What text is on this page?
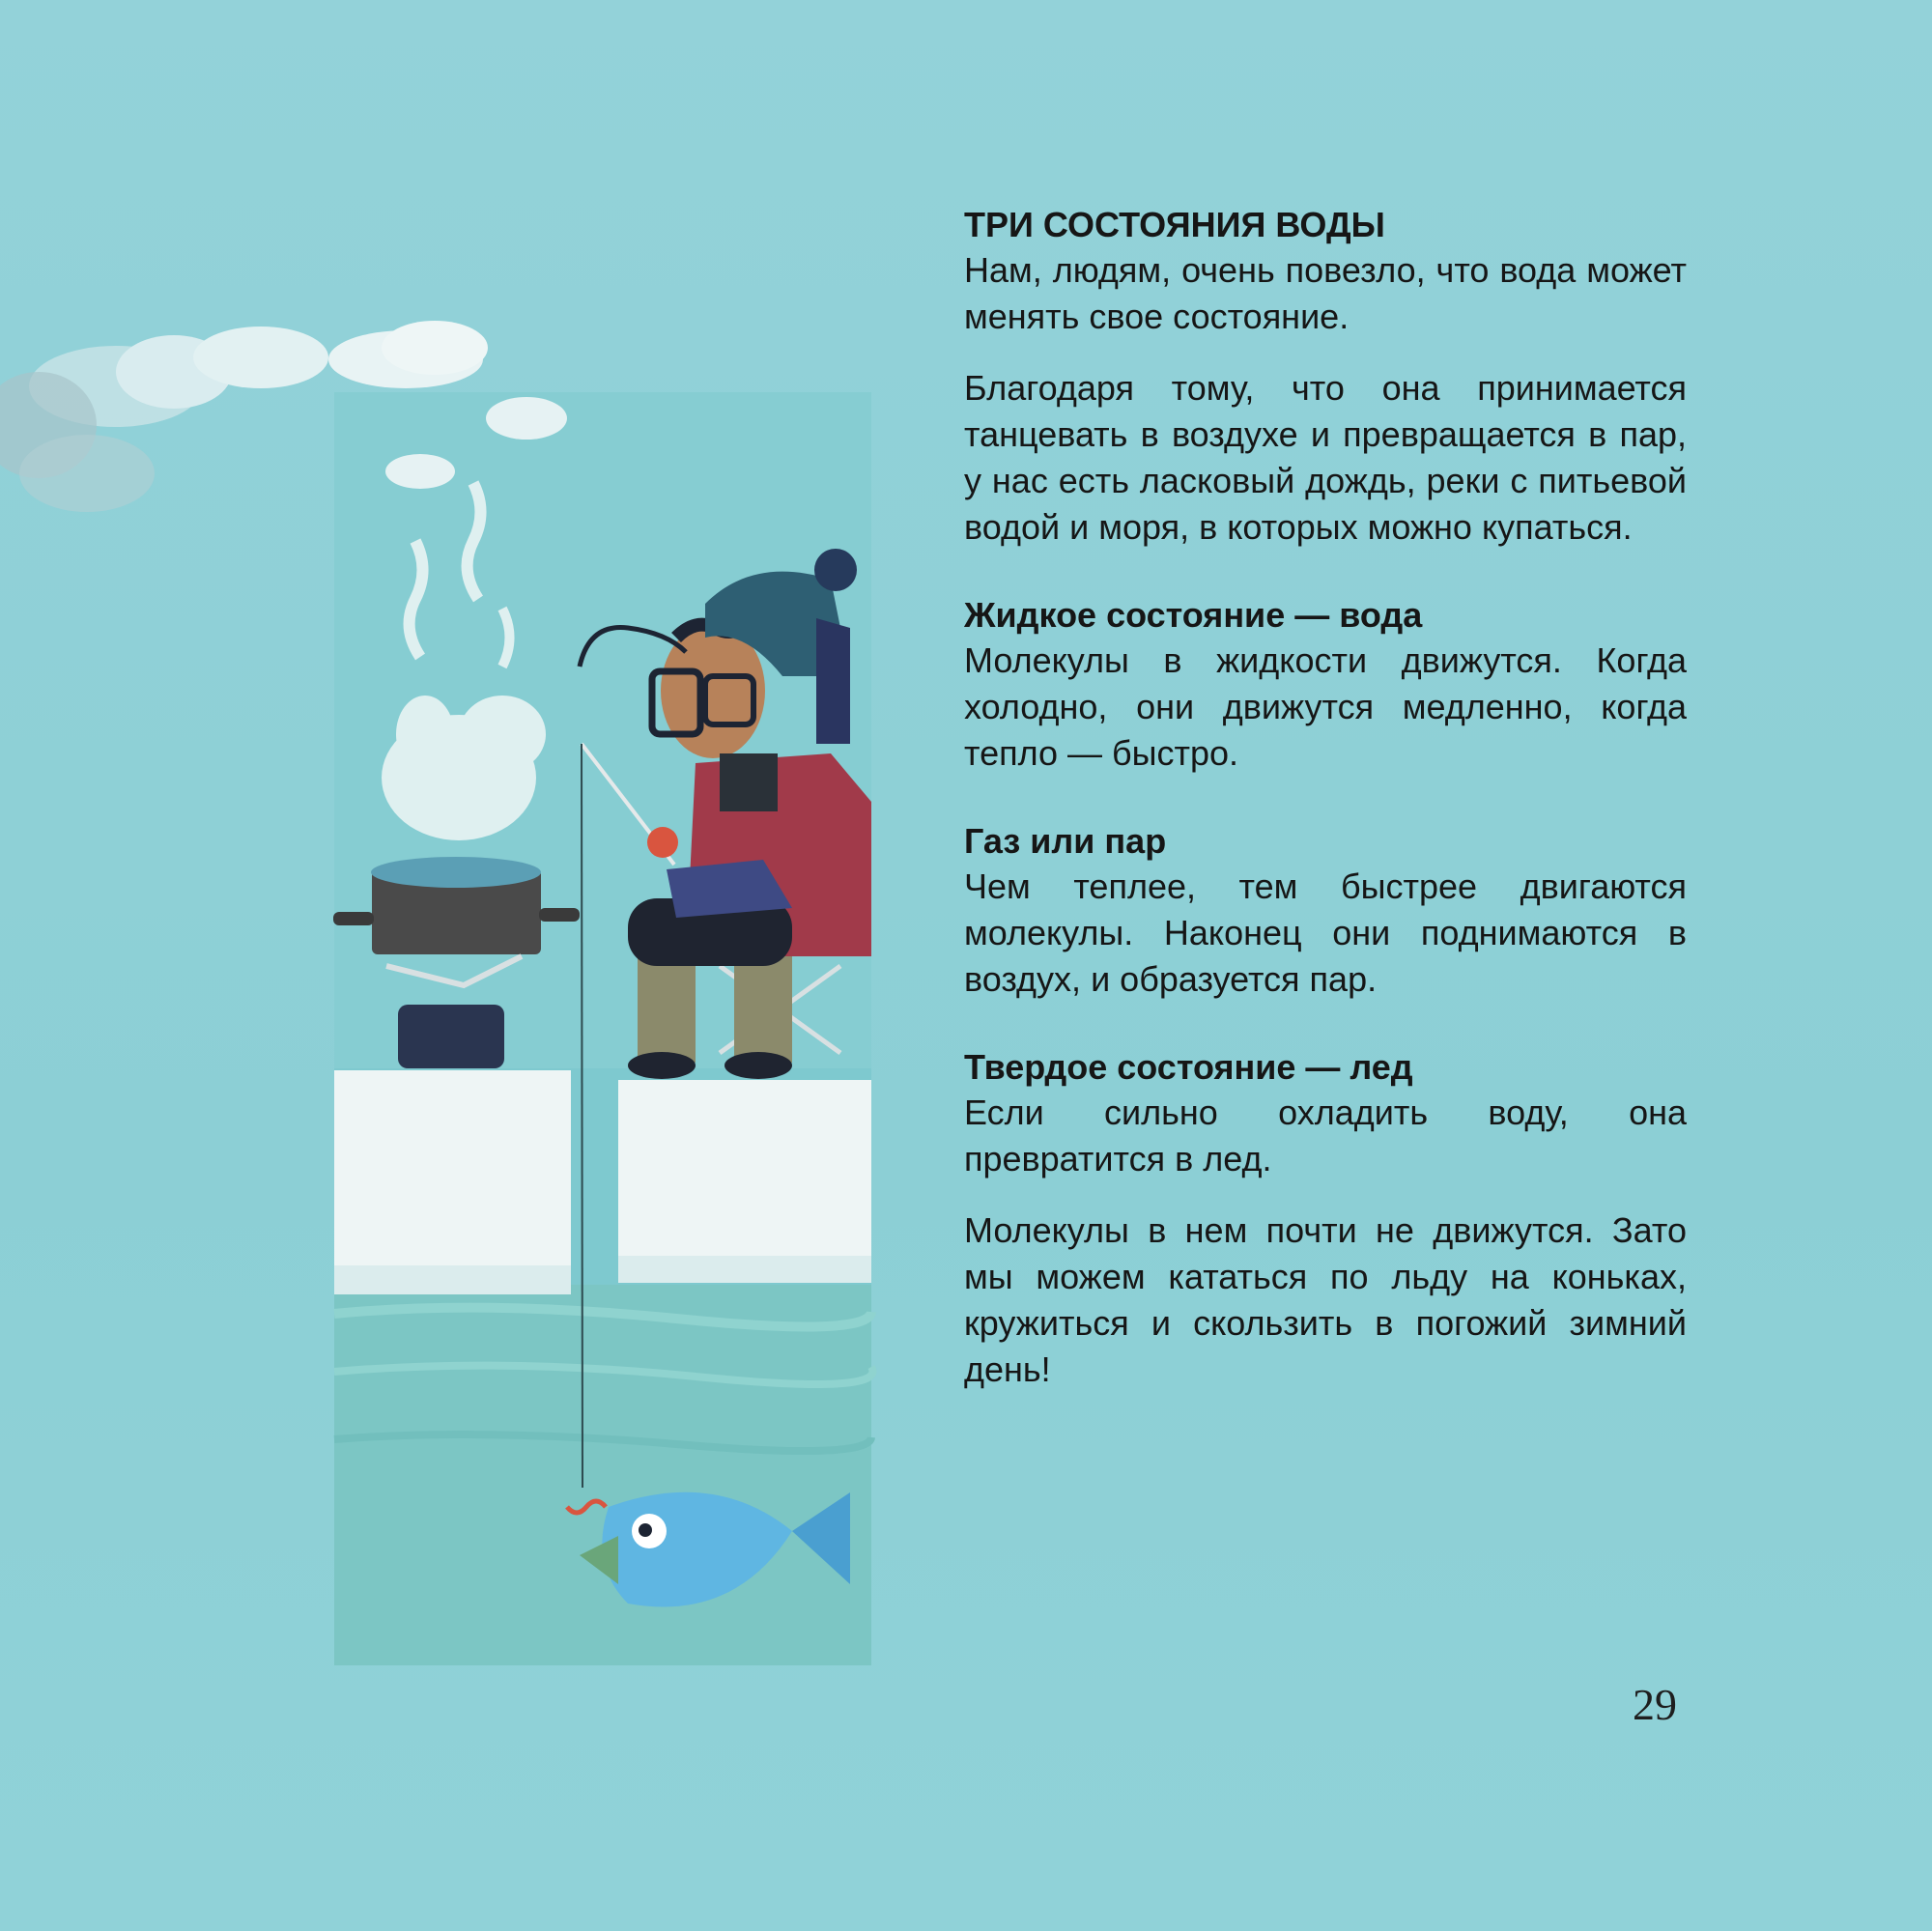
ТРИ СОСТОЯНИЯ ВОДЫ

Нам, людям, очень повезло, что вода может менять свое состояние.

Благодаря тому, что она принимается танцевать в воздухе и превращается в пар, у нас есть ласковый дождь, реки с питьевой водой и моря, в которых можно купаться.

Жидкое состояние — вода

Молекулы в жидкости движутся. Когда холодно, они движутся медленно, когда тепло — быстро.

Газ или пар

Чем теплее, тем быстрее двигаются молекулы. Наконец они поднимаются в воздух, и образуется пар.

Твердое состояние — лед

Если сильно охладить воду, она превратится в лед.

Молекулы в нем почти не движутся. Зато мы можем кататься по льду на коньках, кружиться и скользить в погожий зимний день!

29
